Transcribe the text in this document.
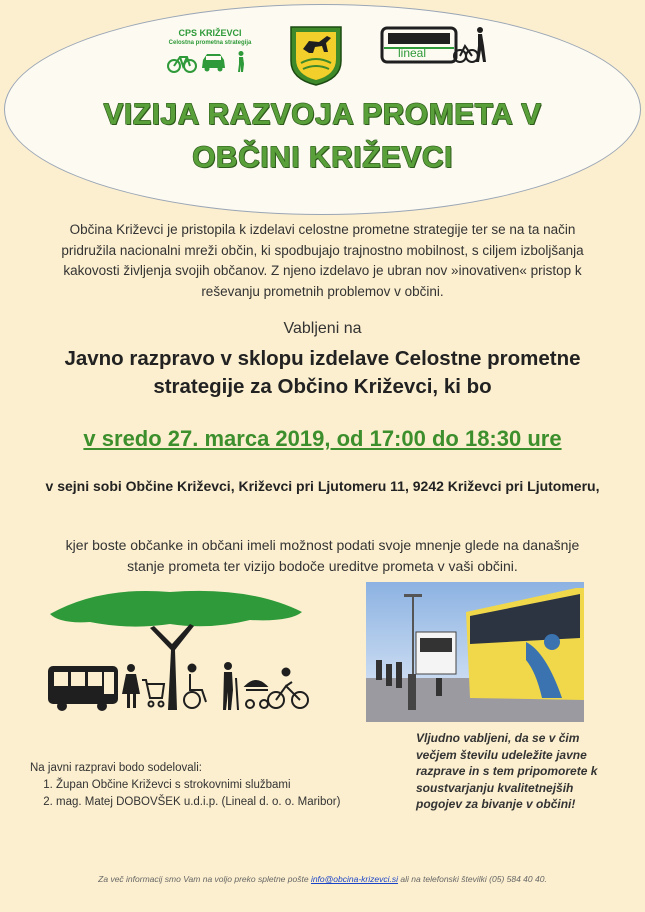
CPS KRIŽEVCI
Celostna prometna strategija
lineal
VIZIJA RAZVOJA PROMETA V
OBČINI KRIŽEVCI
Občina Križevci je pristopila k izdelavi celostne prometne strategije ter se na ta način pridružila nacionalni mreži občin, ki spodbujajo trajnostno mobilnost, s ciljem izboljšanja kakovosti življenja svojih občanov. Z njeno izdelavo je ubran nov »inovativen« pristop k reševanju prometnih problemov v občini.
Vabljeni na
Javno razpravo v sklopu izdelave Celostne prometne strategije za Občino Križevci, ki bo
v sredo 27. marca 2019, od 17:00 do 18:30 ure
v sejni sobi Občine Križevci, Križevci pri Ljutomeru 11, 9242 Križevci pri Ljutomeru,
kjer boste občanke in občani imeli možnost podati svoje mnenje glede na današnje stanje prometa ter vizijo bodoče ureditve prometa v vaši občini.
Na javni razpravi bodo sodelovali:
1. Župan Občine Križevci s strokovnimi službami
2. mag. Matej DOBOVŠEK u.d.i.p. (Lineal d. o. o. Maribor)
Vljudno vabljeni, da se v čim večjem številu udeležite javne razprave in s tem pripomorete k soustvarjanju kvalitetnejših pogojev za bivanje v občini!
Za več informacij smo Vam na voljo preko spletne pošte info@obcina-krizevci.si ali na telefonski številki (05) 584 40 40.
